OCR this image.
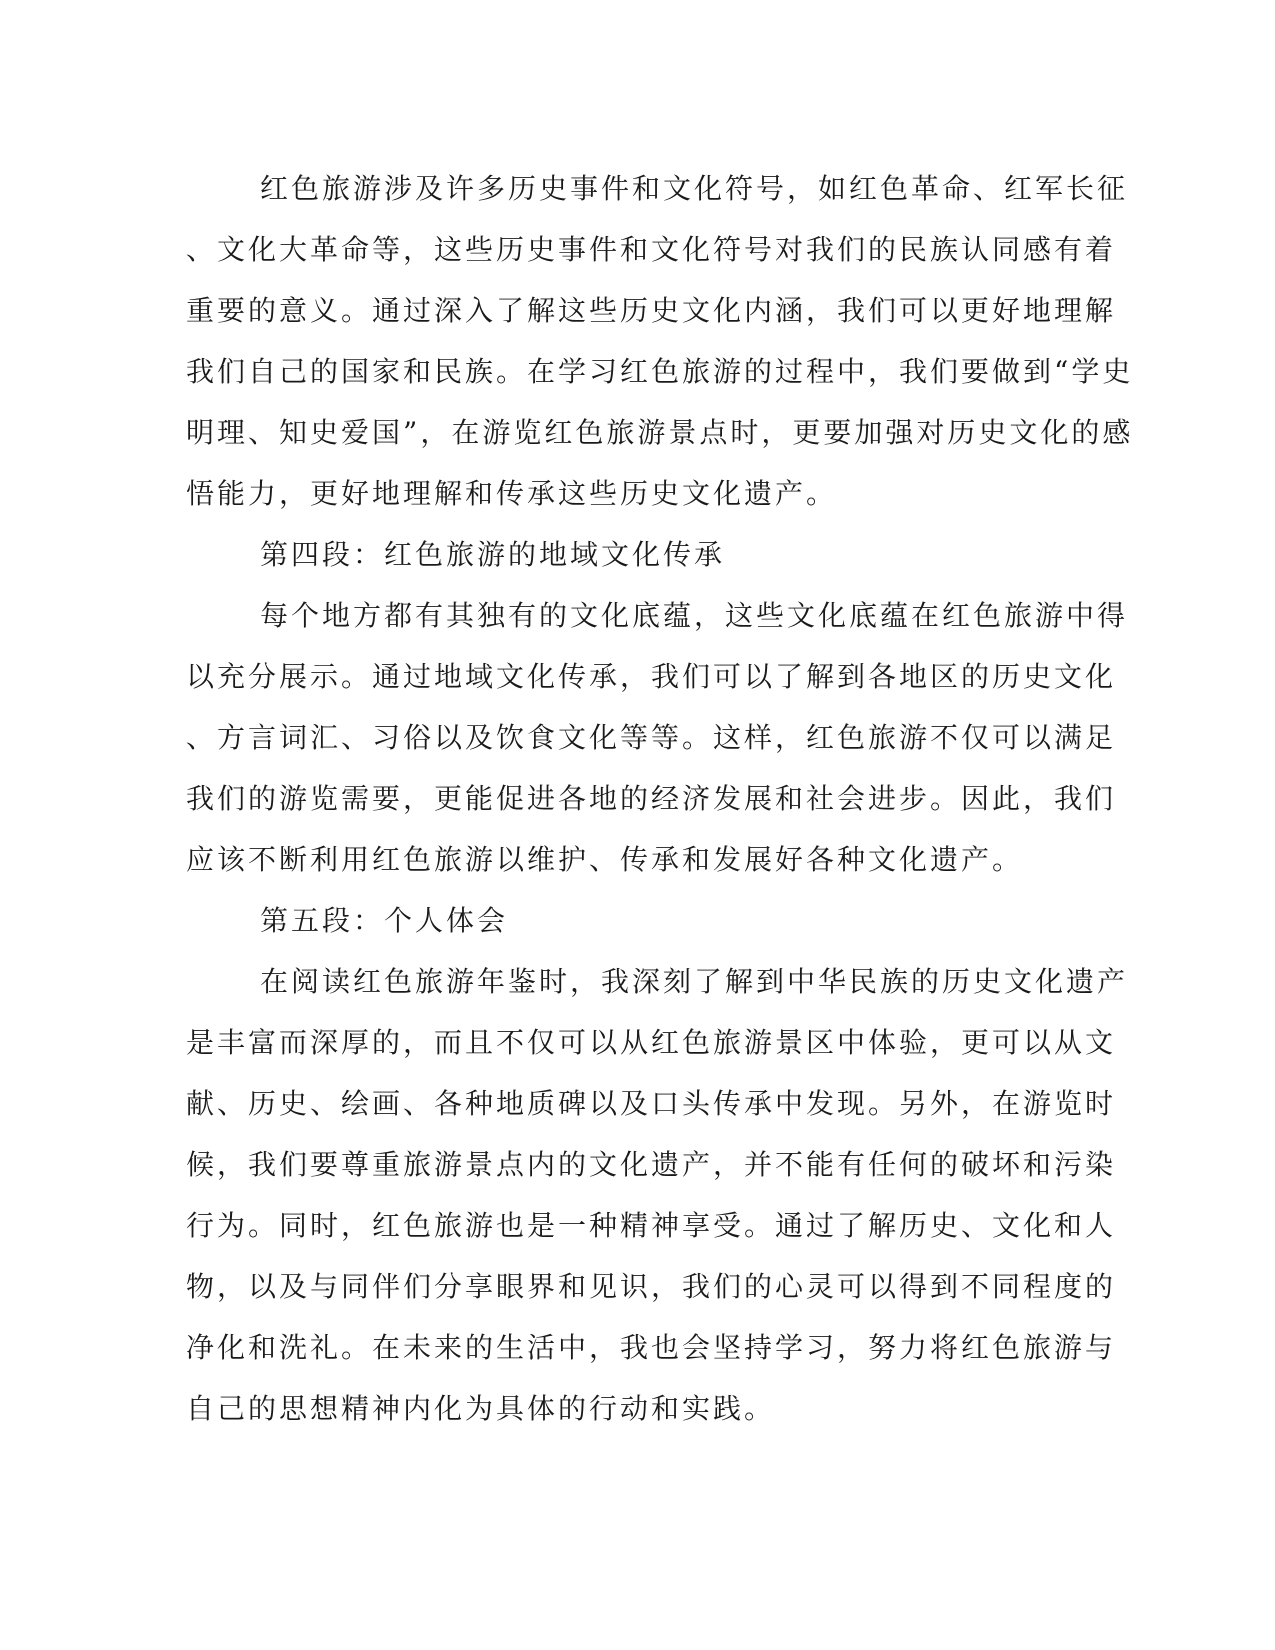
红色旅游涉及许多历史事件和文化符号，如红色革命、红军长征
、文化大革命等，这些历史事件和文化符号对我们的民族认同感有着
重要的意义。通过深入了解这些历史文化内涵，我们可以更好地理解
我们自己的国家和民族。在学习红色旅游的过程中，我们要做到“学史
明理、知史爱国”，在游览红色旅游景点时，更要加强对历史文化的感
悟能力，更好地理解和传承这些历史文化遗产。
第四段：红色旅游的地域文化传承
每个地方都有其独有的文化底蕴，这些文化底蕴在红色旅游中得
以充分展示。通过地域文化传承，我们可以了解到各地区的历史文化
、方言词汇、习俗以及饮食文化等等。这样，红色旅游不仅可以满足
我们的游览需要，更能促进各地的经济发展和社会进步。因此，我们
应该不断利用红色旅游以维护、传承和发展好各种文化遗产。
第五段：个人体会
在阅读红色旅游年鉴时，我深刻了解到中华民族的历史文化遗产
是丰富而深厚的，而且不仅可以从红色旅游景区中体验，更可以从文
献、历史、绘画、各种地质碑以及口头传承中发现。另外，在游览时
候，我们要尊重旅游景点内的文化遗产，并不能有任何的破坏和污染
行为。同时，红色旅游也是一种精神享受。通过了解历史、文化和人
物，以及与同伴们分享眼界和见识，我们的心灵可以得到不同程度的
净化和洗礼。在未来的生活中，我也会坚持学习，努力将红色旅游与
自己的思想精神内化为具体的行动和实践。
